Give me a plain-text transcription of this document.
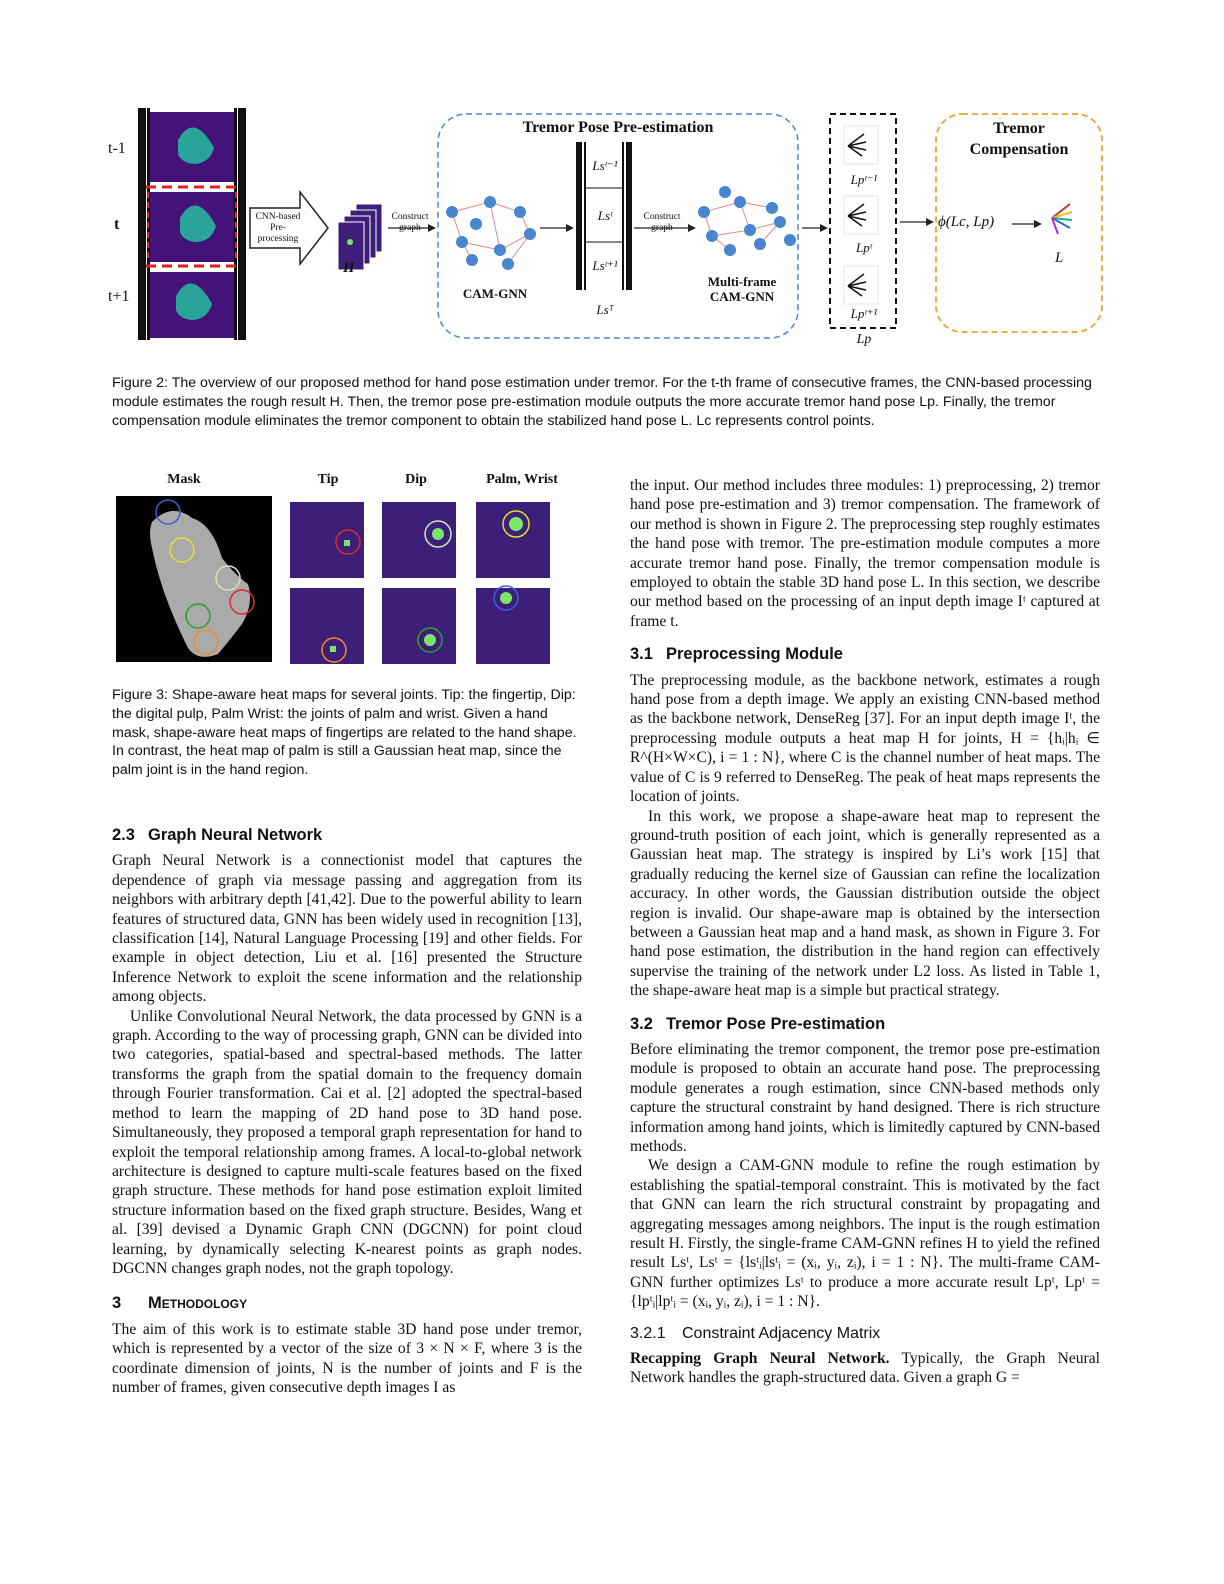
t-1
t
t+1
CNN-based
Pre-
processing
Construct
graph
H
Tremor Pose Pre-estimation
CAM-GNN
Lsᵗ⁻¹
Lsᵗ
Lsᵗ⁺¹
Lsᵀ
Construct
graph
Multi-frame
CAM-GNN
Lpᵗ⁻¹
Lpᵗ
Lpᵗ⁺¹
Lp
Tremor
Compensation
ϕ(Lc, Lp)
L
Figure 2: The overview of our proposed method for hand pose estimation under tremor. For the t-th frame of consecutive frames, the CNN-based processing module estimates the rough result H. Then, the tremor pose pre-estimation module outputs the more accurate tremor hand pose Lp. Finally, the tremor compensation module eliminates the tremor component to obtain the stabilized hand pose L. Lc represents control points.
Mask	Tip	Dip	Palm, Wrist
Figure 3: Shape-aware heat maps for several joints. Tip: the fingertip, Dip: the digital pulp, Palm Wrist: the joints of palm and wrist. Given a hand mask, shape-aware heat maps of fingertips are related to the hand shape. In contrast, the heat map of palm is still a Gaussian heat map, since the palm joint is in the hand region.
2.3 Graph Neural Network

Graph Neural Network is a connectionist model that captures the dependence of graph via message passing and aggregation from its neighbors with arbitrary depth [41,42]. Due to the powerful ability to learn features of structured data, GNN has been widely used in recognition [13], classification [14], Natural Language Processing [19] and other fields. For example in object detection, Liu et al. [16] presented the Structure Inference Network to exploit the scene information and the relationship among objects.

Unlike Convolutional Neural Network, the data processed by GNN is a graph. According to the way of processing graph, GNN can be divided into two categories, spatial-based and spectral-based methods. The latter transforms the graph from the spatial domain to the frequency domain through Fourier transformation. Cai et al. [2] adopted the spectral-based method to learn the mapping of 2D hand pose to 3D hand pose. Simultaneously, they proposed a temporal graph representation for hand to exploit the temporal relationship among frames. A local-to-global network architecture is designed to capture multi-scale features based on the fixed graph structure. These methods for hand pose estimation exploit limited structure information based on the fixed graph structure. Besides, Wang et al. [39] devised a Dynamic Graph CNN (DGCNN) for point cloud learning, by dynamically selecting K-nearest points as graph nodes. DGCNN changes graph nodes, not the graph topology.

3 Methodology

The aim of this work is to estimate stable 3D hand pose under tremor, which is represented by a vector of the size of 3 × N × F, where 3 is the coordinate dimension of joints, N is the number of joints and F is the number of frames, given consecutive depth images I as

the input. Our method includes three modules: 1) preprocessing, 2) tremor hand pose pre-estimation and 3) tremor compensation. The framework of our method is shown in Figure 2. The preprocessing step roughly estimates the hand pose with tremor. The pre-estimation module computes a more accurate tremor hand pose. Finally, the tremor compensation module is employed to obtain the stable 3D hand pose L. In this section, we describe our method based on the processing of an input depth image Iᵗ captured at frame t.

3.1 Preprocessing Module

The preprocessing module, as the backbone network, estimates a rough hand pose from a depth image. We apply an existing CNN-based method as the backbone network, DenseReg [37]. For an input depth image Iᵗ, the preprocessing module outputs a heat map H for joints, H = {hᵢ|hᵢ ∈ R^(H×W×C), i = 1 : N}, where C is the channel number of heat maps. The value of C is 9 referred to DenseReg. The peak of heat maps represents the location of joints.

In this work, we propose a shape-aware heat map to represent the ground-truth position of each joint, which is generally represented as a Gaussian heat map. The strategy is inspired by Li’s work [15] that gradually reducing the kernel size of Gaussian can refine the localization accuracy. In other words, the Gaussian distribution outside the object region is invalid. Our shape-aware map is obtained by the intersection between a Gaussian heat map and a hand mask, as shown in Figure 3. For hand pose estimation, the distribution in the hand region can effectively supervise the training of the network under L2 loss. As listed in Table 1, the shape-aware heat map is a simple but practical strategy.

3.2 Tremor Pose Pre-estimation

Before eliminating the tremor component, the tremor pose pre-estimation module is proposed to obtain an accurate hand pose. The preprocessing module generates a rough estimation, since CNN-based methods only capture the structural constraint by hand designed. There is rich structure information among hand joints, which is limitedly captured by CNN-based methods.

We design a CAM-GNN module to refine the rough estimation by establishing the spatial-temporal constraint. This is motivated by the fact that GNN can learn the rich structural constraint by propagating and aggregating messages among neighbors. The input is the rough estimation result H. Firstly, the single-frame CAM-GNN refines H to yield the refined result Lsᵗ, Lsᵗ = {lsᵗᵢ|lsᵗᵢ = (xᵢ, yᵢ, zᵢ), i = 1 : N}. The multi-frame CAM-GNN further optimizes Lsᵗ to produce a more accurate result Lpᵗ, Lpᵗ = {lpᵗᵢ|lpᵗᵢ = (xᵢ, yᵢ, zᵢ), i = 1 : N}.

3.2.1 Constraint Adjacency Matrix

Recapping Graph Neural Network. Typically, the Graph Neural Network handles the graph-structured data. Given a graph G =
